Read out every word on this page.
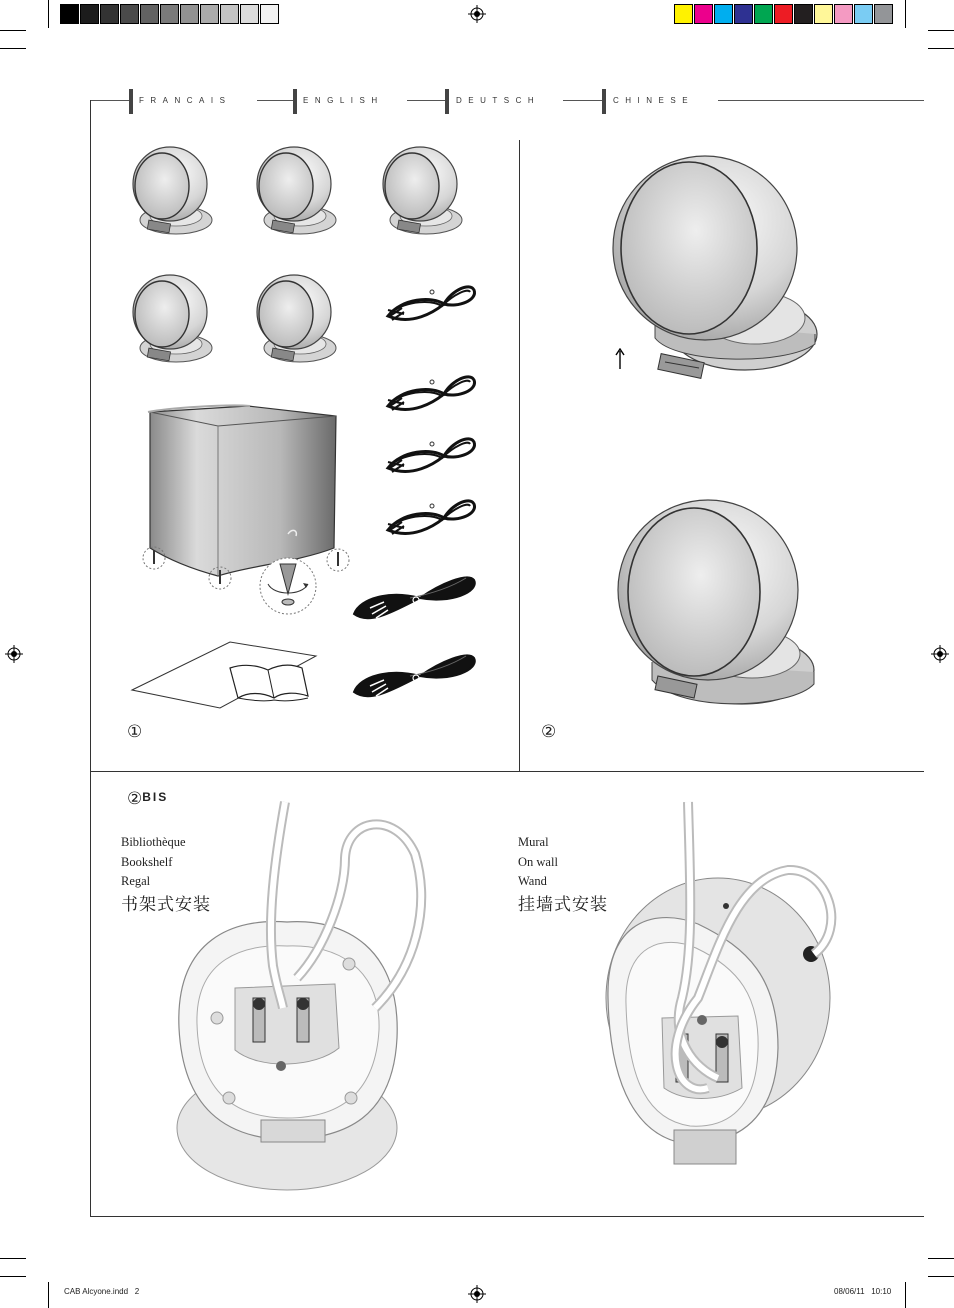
FRANCAIS	ENGLISH	DEUTSCH	CHINESE
①	②
②BIS
Bibliothèque
Bookshelf
Regal
书架式安装
Mural
On wall
Wand
挂墙式安装
CAB Alcyone.indd   2	08/06/11   10:10
